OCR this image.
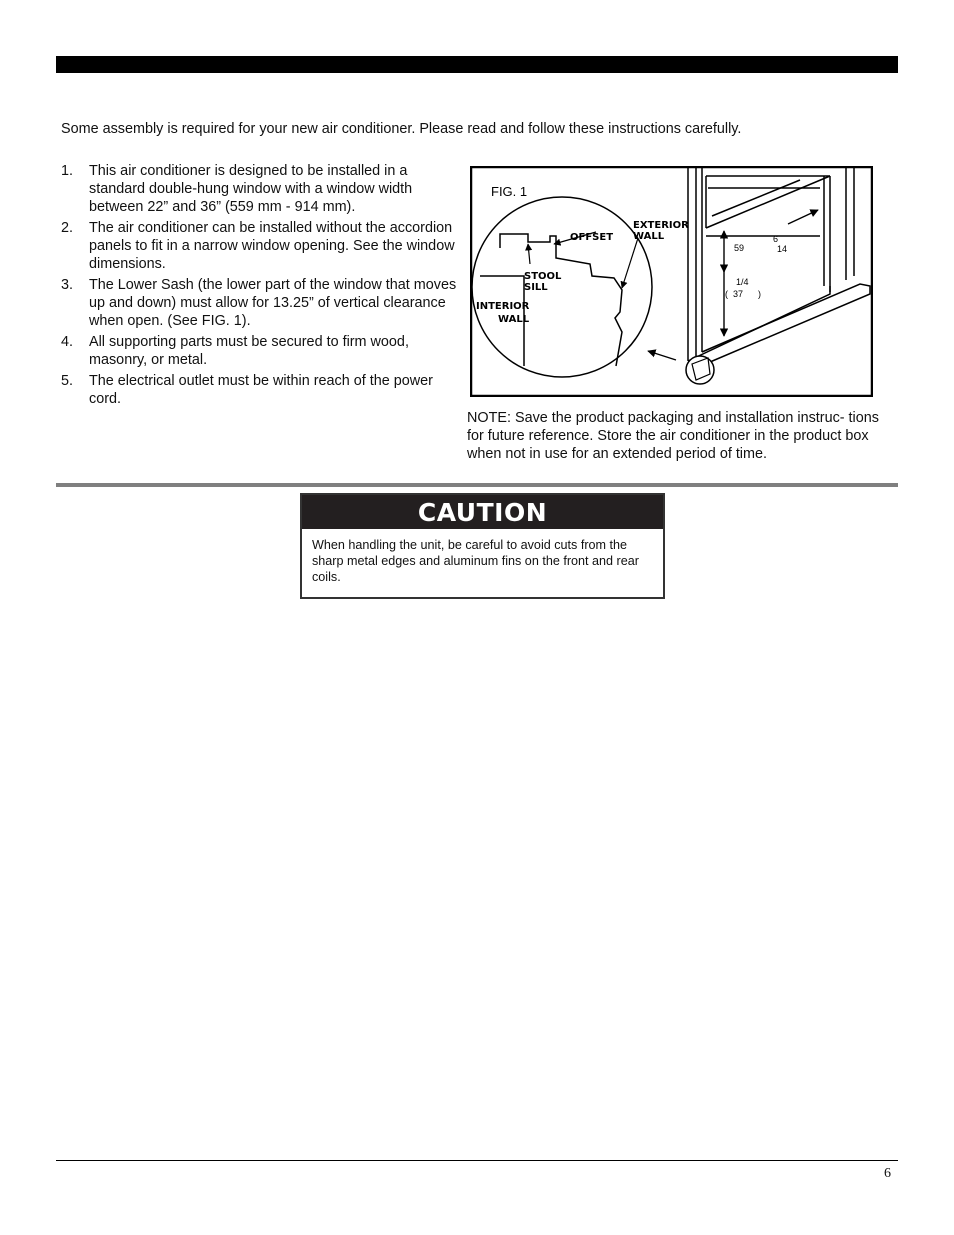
Some assembly is required for your new air conditioner. Please read and follow these instructions carefully.

1. This air conditioner is designed to be installed in a standard double-hung window with a window width between 22” and 36” (559 mm - 914 mm).
2. The air conditioner can be installed without the accordion panels to fit in a narrow window opening. See the window dimensions.
3. The Lower Sash (the lower part of the window that moves up and down) must allow for 13.25” of vertical clearance when open. (See FIG. 1).
4. All supporting parts must be secured to firm wood, masonry, or metal.
5. The electrical outlet must be within reach of the power cord.
59
6
14
1/4
( 37 )
FIG. 1
OFFSET
EXTERIOR
WALL
STOOL
SILL
INTERIOR
WALL

NOTE: Save the product packaging and installation instruc- tions for future reference. Store the air conditioner in the product box when not in use for an extended period of time.

CAUTION

When handling the unit, be careful to avoid cuts from the sharp metal edges and aluminum fins on the front and rear coils.

6
